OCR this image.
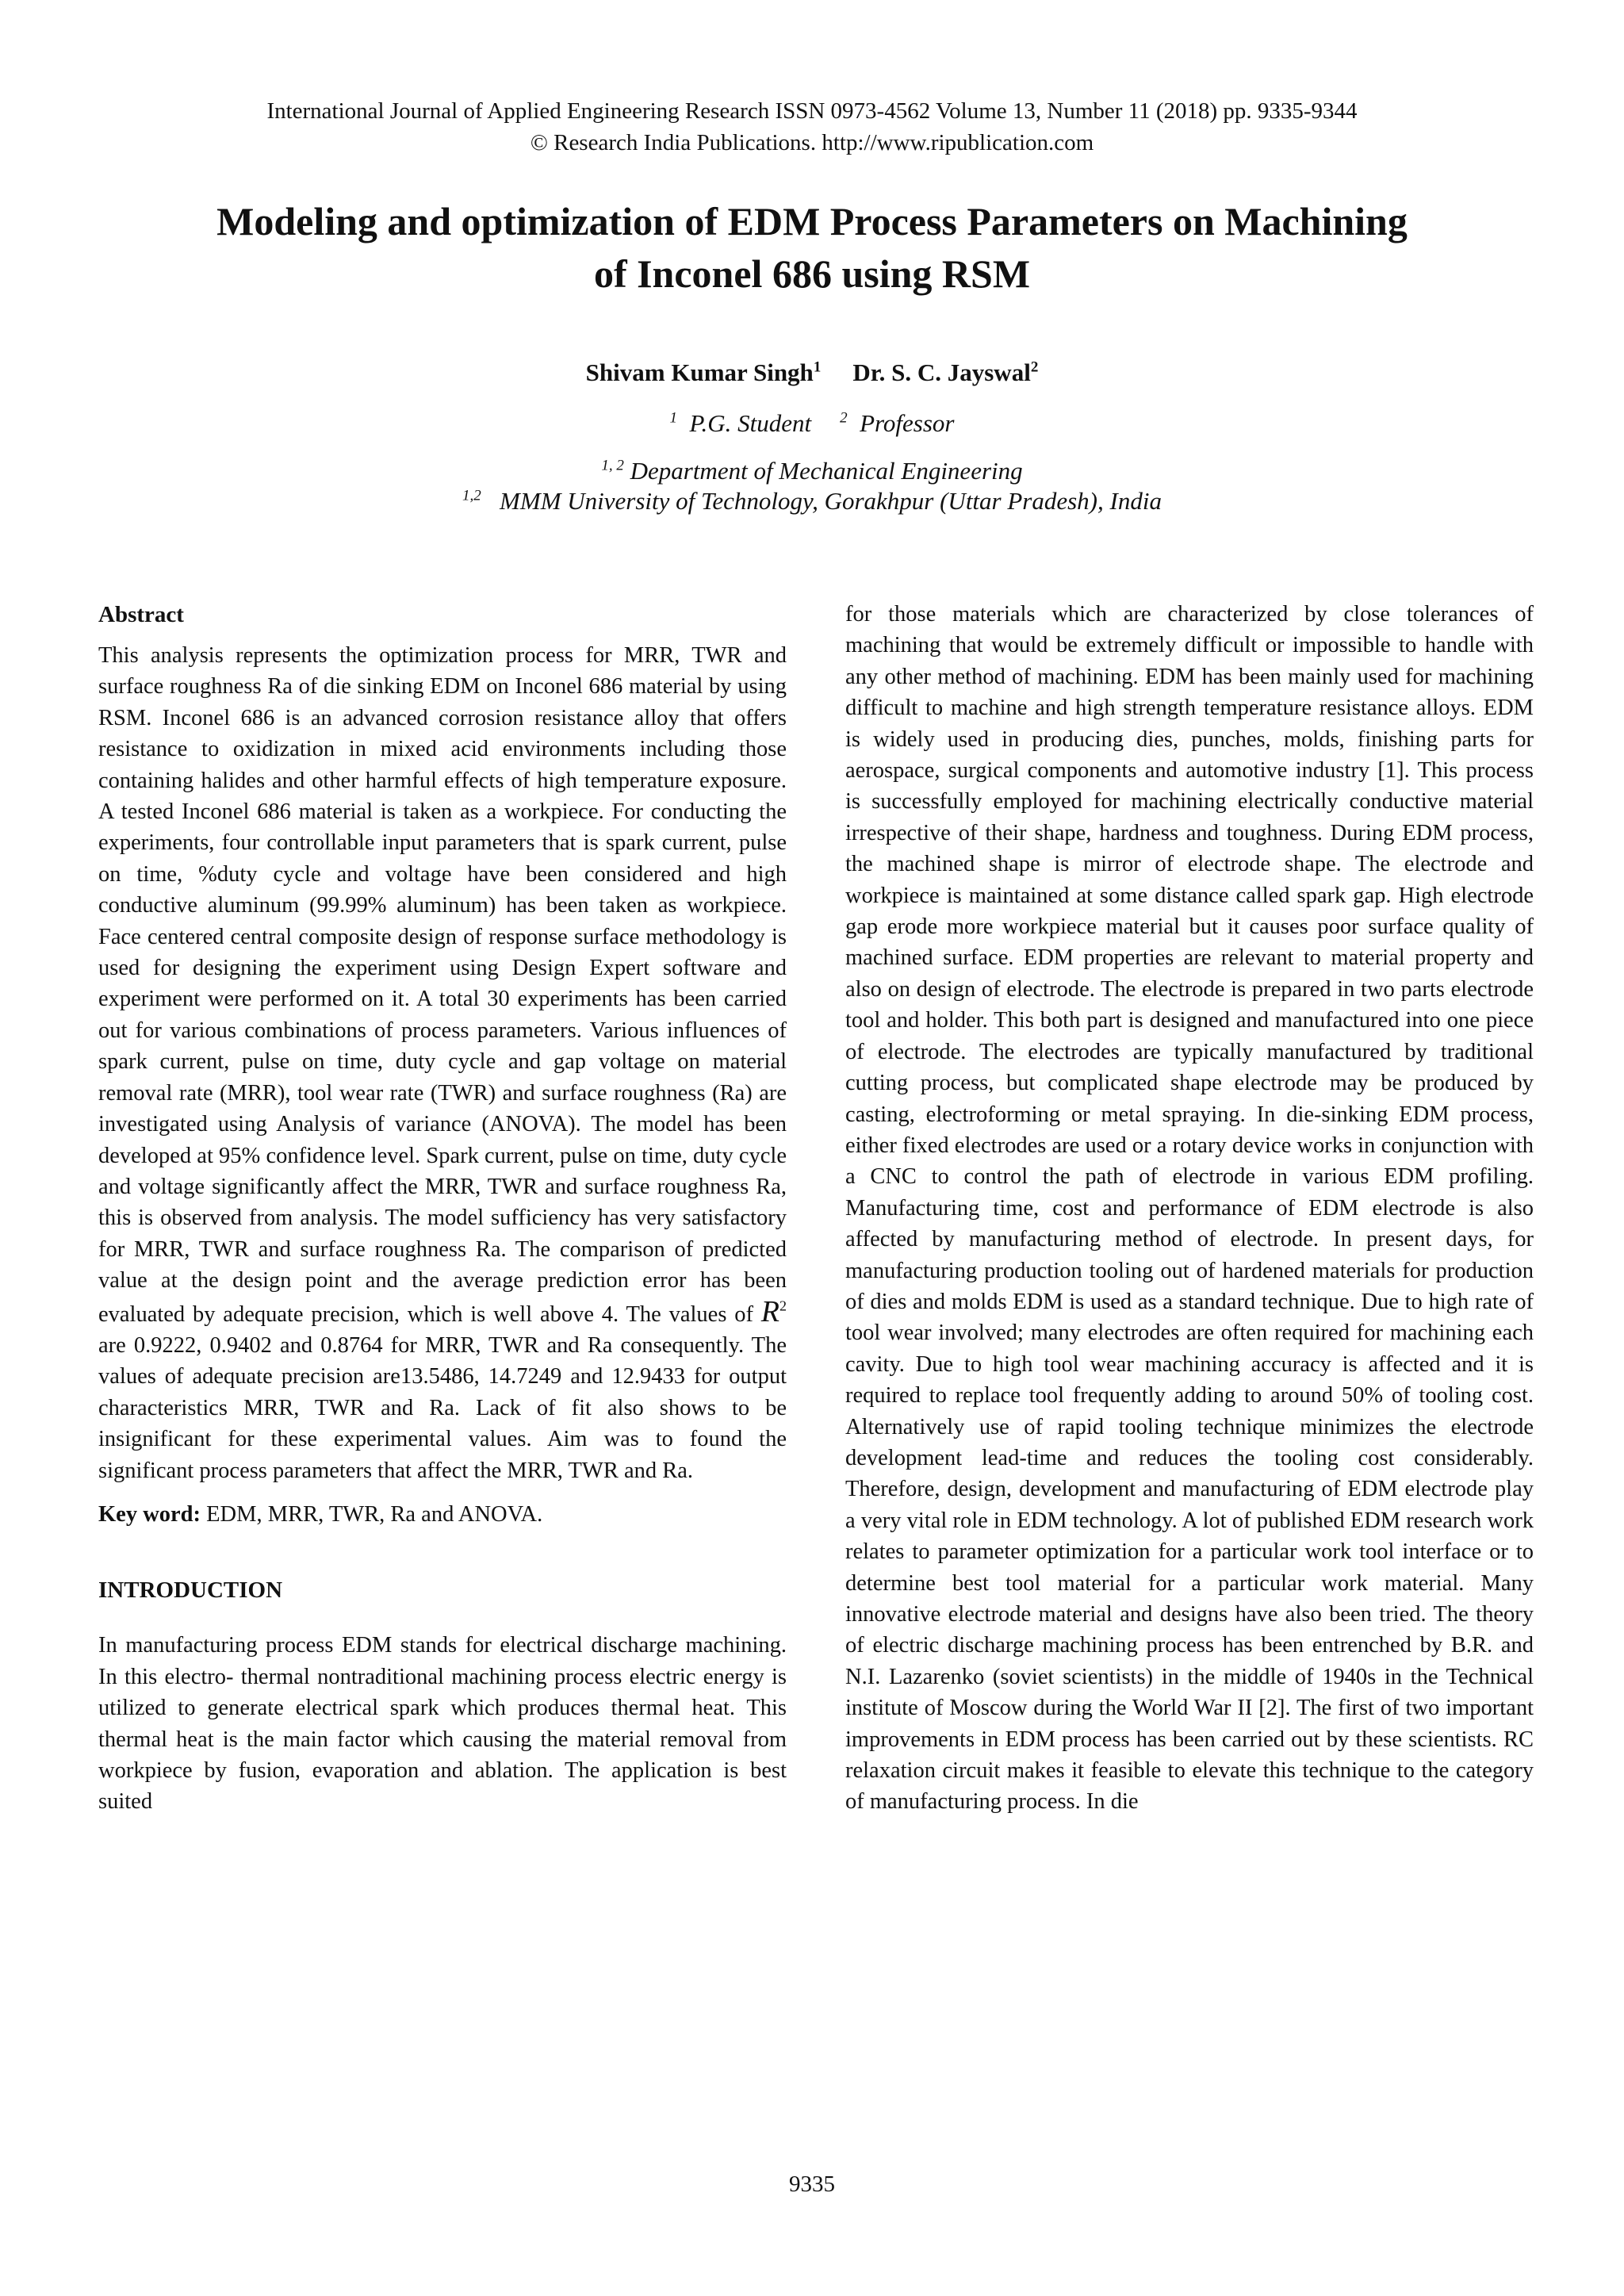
International Journal of Applied Engineering Research ISSN 0973-4562 Volume 13, Number 11 (2018) pp. 9335-9344
© Research India Publications. http://www.ripublication.com
Modeling and optimization of EDM Process Parameters on Machining
of Inconel 686 using RSM
Shivam Kumar Singh$^1$ Dr. S. C. Jayswal$^2$
$^1$ P.G. Student $^2$ Professor
$^{1, 2}$ Department of Mechanical Engineering
$^{1,2}$ MMM University of Technology, Gorakhpur (Uttar Pradesh), India
Abstract

This analysis represents the optimization process for MRR, TWR and surface roughness Ra of die sinking EDM on Inconel 686 material by using RSM. Inconel 686 is an advanced corrosion resistance alloy that offers resistance to oxidization in mixed acid environments including those containing halides and other harmful effects of high temperature exposure. A tested Inconel 686 material is taken as a workpiece. For conducting the experiments, four controllable input parameters that is spark current, pulse on time, %duty cycle and voltage have been considered and high conductive aluminum (99.99% aluminum) has been taken as workpiece. Face centered central composite design of response surface methodology is used for designing the experiment using Design Expert software and experiment were performed on it. A total 30 experiments has been carried out for various combinations of process parameters. Various influences of spark current, pulse on time, duty cycle and gap voltage on material removal rate (MRR), tool wear rate (TWR) and surface roughness (Ra) are investigated using Analysis of variance (ANOVA). The model has been developed at 95% confidence level. Spark current, pulse on time, duty cycle and voltage significantly affect the MRR, TWR and surface roughness Ra, this is observed from analysis. The model sufficiency has very satisfactory for MRR, TWR and surface roughness Ra. The comparison of predicted value at the design point and the average prediction error has been evaluated by adequate precision, which is well above 4. The values of $R^2$ are 0.9222, 0.9402 and 0.8764 for MRR, TWR and Ra consequently. The values of adequate precision are13.5486, 14.7249 and 12.9433 for output characteristics MRR, TWR and Ra. Lack of fit also shows to be insignificant for these experimental values. Aim was to found the significant process parameters that affect the MRR, TWR and Ra.

Key word: EDM, MRR, TWR, Ra and ANOVA.

INTRODUCTION

In manufacturing process EDM stands for electrical discharge machining. In this electro- thermal nontraditional machining process electric energy is utilized to generate electrical spark which produces thermal heat. This thermal heat is the main factor which causing the material removal from workpiece by fusion, evaporation and ablation. The application is best suited

for those materials which are characterized by close tolerances of machining that would be extremely difficult or impossible to handle with any other method of machining. EDM has been mainly used for machining difficult to machine and high strength temperature resistance alloys. EDM is widely used in producing dies, punches, molds, finishing parts for aerospace, surgical components and automotive industry [1]. This process is successfully employed for machining electrically conductive material irrespective of their shape, hardness and toughness. During EDM process, the machined shape is mirror of electrode shape. The electrode and workpiece is maintained at some distance called spark gap. High electrode gap erode more workpiece material but it causes poor surface quality of machined surface. EDM properties are relevant to material property and also on design of electrode. The electrode is prepared in two parts electrode tool and holder. This both part is designed and manufactured into one piece of electrode. The electrodes are typically manufactured by traditional cutting process, but complicated shape electrode may be produced by casting, electroforming or metal spraying. In die-sinking EDM process, either fixed electrodes are used or a rotary device works in conjunction with a CNC to control the path of electrode in various EDM profiling. Manufacturing time, cost and performance of EDM electrode is also affected by manufacturing method of electrode. In present days, for manufacturing production tooling out of hardened materials for production of dies and molds EDM is used as a standard technique. Due to high rate of tool wear involved; many electrodes are often required for machining each cavity. Due to high tool wear machining accuracy is affected and it is required to replace tool frequently adding to around 50% of tooling cost. Alternatively use of rapid tooling technique minimizes the electrode development lead-time and reduces the tooling cost considerably. Therefore, design, development and manufacturing of EDM electrode play a very vital role in EDM technology. A lot of published EDM research work relates to parameter optimization for a particular work tool interface or to determine best tool material for a particular work material. Many innovative electrode material and designs have also been tried. The theory of electric discharge machining process has been entrenched by B.R. and N.I. Lazarenko (soviet scientists) in the middle of 1940s in the Technical institute of Moscow during the World War II [2]. The first of two important improvements in EDM process has been carried out by these scientists. RC relaxation circuit makes it feasible to elevate this technique to the category of manufacturing process. In die

9335
